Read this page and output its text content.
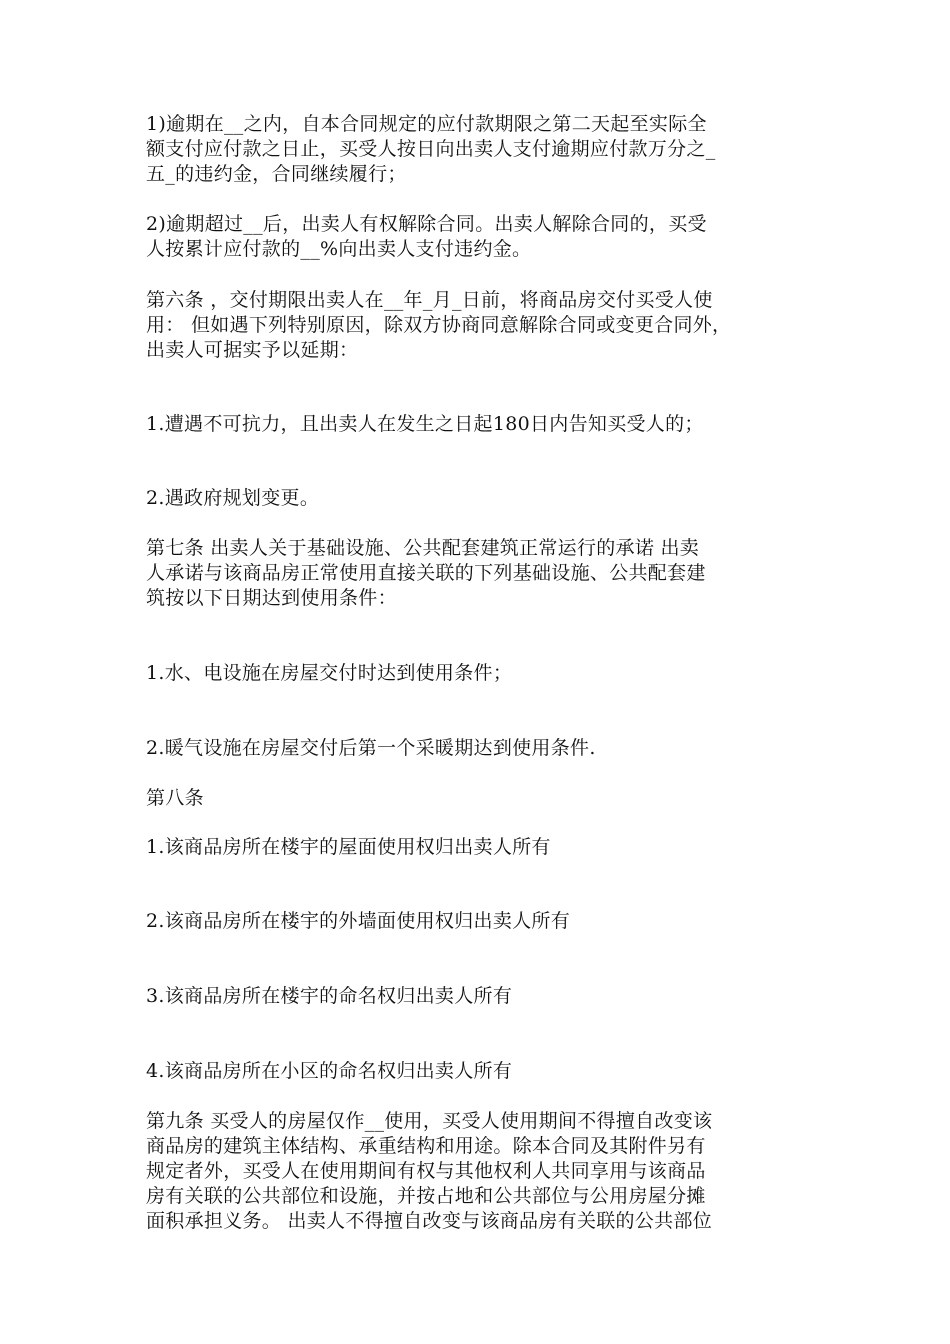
1)逾期在__之内，自本合同规定的应付款期限之第二天起至实际全
额支付应付款之日止，买受人按日向出卖人支付逾期应付款万分之_
五_的违约金，合同继续履行；

2)逾期超过__后，出卖人有权解除合同。出卖人解除合同的，买受
人按累计应付款的__%向出卖人支付违约金。

第六条 ，交付期限出卖人在__年_月_日前，将商品房交付买受人使
用： 但如遇下列特别原因，除双方协商同意解除合同或变更合同外，
出卖人可据实予以延期：

1.遭遇不可抗力，且出卖人在发生之日起180日内告知买受人的；

2.遇政府规划变更。

第七条 出卖人关于基础设施、公共配套建筑正常运行的承诺 出卖
人承诺与该商品房正常使用直接关联的下列基础设施、公共配套建
筑按以下日期达到使用条件：

1.水、电设施在房屋交付时达到使用条件；

2.暖气设施在房屋交付后第一个采暖期达到使用条件.

第八条

1.该商品房所在楼宇的屋面使用权归出卖人所有

2.该商品房所在楼宇的外墙面使用权归出卖人所有

3.该商品房所在楼宇的命名权归出卖人所有

4.该商品房所在小区的命名权归出卖人所有

第九条 买受人的房屋仅作__使用，买受人使用期间不得擅自改变该
商品房的建筑主体结构、承重结构和用途。除本合同及其附件另有
规定者外，买受人在使用期间有权与其他权利人共同享用与该商品
房有关联的公共部位和设施，并按占地和公共部位与公用房屋分摊
面积承担义务。 出卖人不得擅自改变与该商品房有关联的公共部位
